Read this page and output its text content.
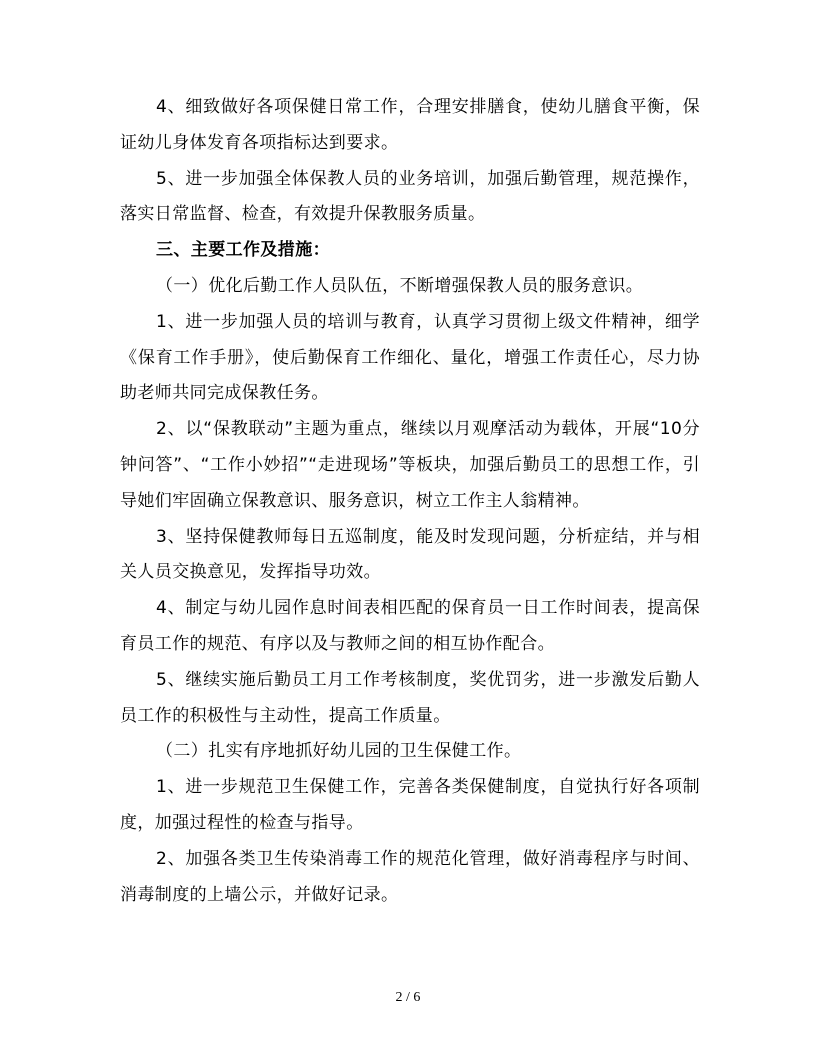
4、细致做好各项保健日常工作，合理安排膳食，使幼儿膳食平衡，保证幼儿身体发育各项指标达到要求。

5、进一步加强全体保教人员的业务培训，加强后勤管理，规范操作，落实日常监督、检查，有效提升保教服务质量。

三、主要工作及措施：

（一）优化后勤工作人员队伍，不断增强保教人员的服务意识。

1、进一步加强人员的培训与教育，认真学习贯彻上级文件精神，细学《保育工作手册》，使后勤保育工作细化、量化，增强工作责任心，尽力协助老师共同完成保教任务。

2、以“保教联动”主题为重点，继续以月观摩活动为载体，开展“10分钟问答”、“工作小妙招”“走进现场”等板块，加强后勤员工的思想工作，引导她们牢固确立保教意识、服务意识，树立工作主人翁精神。

3、坚持保健教师每日五巡制度，能及时发现问题，分析症结，并与相关人员交换意见，发挥指导功效。

4、制定与幼儿园作息时间表相匹配的保育员一日工作时间表，提高保育员工作的规范、有序以及与教师之间的相互协作配合。

5、继续实施后勤员工月工作考核制度，奖优罚劣，进一步激发后勤人员工作的积极性与主动性，提高工作质量。

（二）扎实有序地抓好幼儿园的卫生保健工作。

1、进一步规范卫生保健工作，完善各类保健制度，自觉执行好各项制度，加强过程性的检查与指导。

2、加强各类卫生传染消毒工作的规范化管理，做好消毒程序与时间、消毒制度的上墙公示，并做好记录。

2 / 6
